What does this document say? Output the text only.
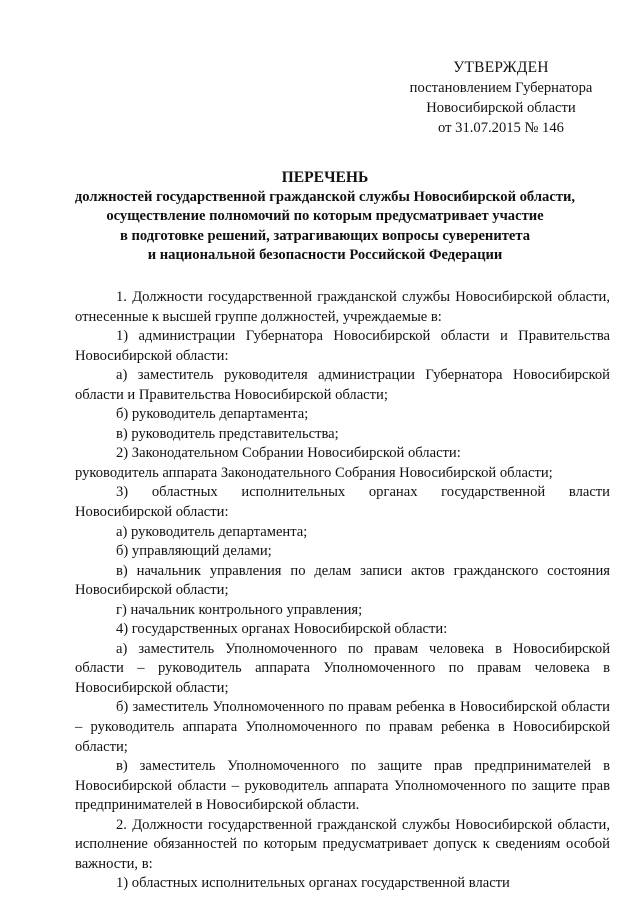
УТВЕРЖДЕН
постановлением Губернатора
Новосибирской области
от 31.07.2015 № 146
ПЕРЕЧЕНЬ
должностей государственной гражданской службы Новосибирской области,
осуществление полномочий по которым предусматривает участие
в подготовке решений, затрагивающих вопросы суверенитета
и национальной безопасности Российской Федерации

1. Должности государственной гражданской службы Новосибирской области, отнесенные к высшей группе должностей, учреждаемые в:

1) администрации Губернатора Новосибирской области и Правительства Новосибирской области:

а) заместитель руководителя администрации Губернатора Новосибирской области и Правительства Новосибирской области;

б) руководитель департамента;

в) руководитель представительства;

2) Законодательном Собрании Новосибирской области:

руководитель аппарата Законодательного Собрания Новосибирской области;

3) областных исполнительных органах государственной власти Новосибирской области:

а) руководитель департамента;

б) управляющий делами;

в) начальник управления по делам записи актов гражданского состояния Новосибирской области;

г) начальник контрольного управления;

4) государственных органах Новосибирской области:

а) заместитель Уполномоченного по правам человека в Новосибирской области – руководитель аппарата Уполномоченного по правам человека в Новосибирской области;

б) заместитель Уполномоченного по правам ребенка в Новосибирской области – руководитель аппарата Уполномоченного по правам ребенка в Новосибирской области;

в) заместитель Уполномоченного по защите прав предпринимателей в Новосибирской области – руководитель аппарата Уполномоченного по защите прав предпринимателей в Новосибирской области.

2. Должности государственной гражданской службы Новосибирской области, исполнение обязанностей по которым предусматривает допуск к сведениям особой важности, в:

1) областных исполнительных органах государственной власти
